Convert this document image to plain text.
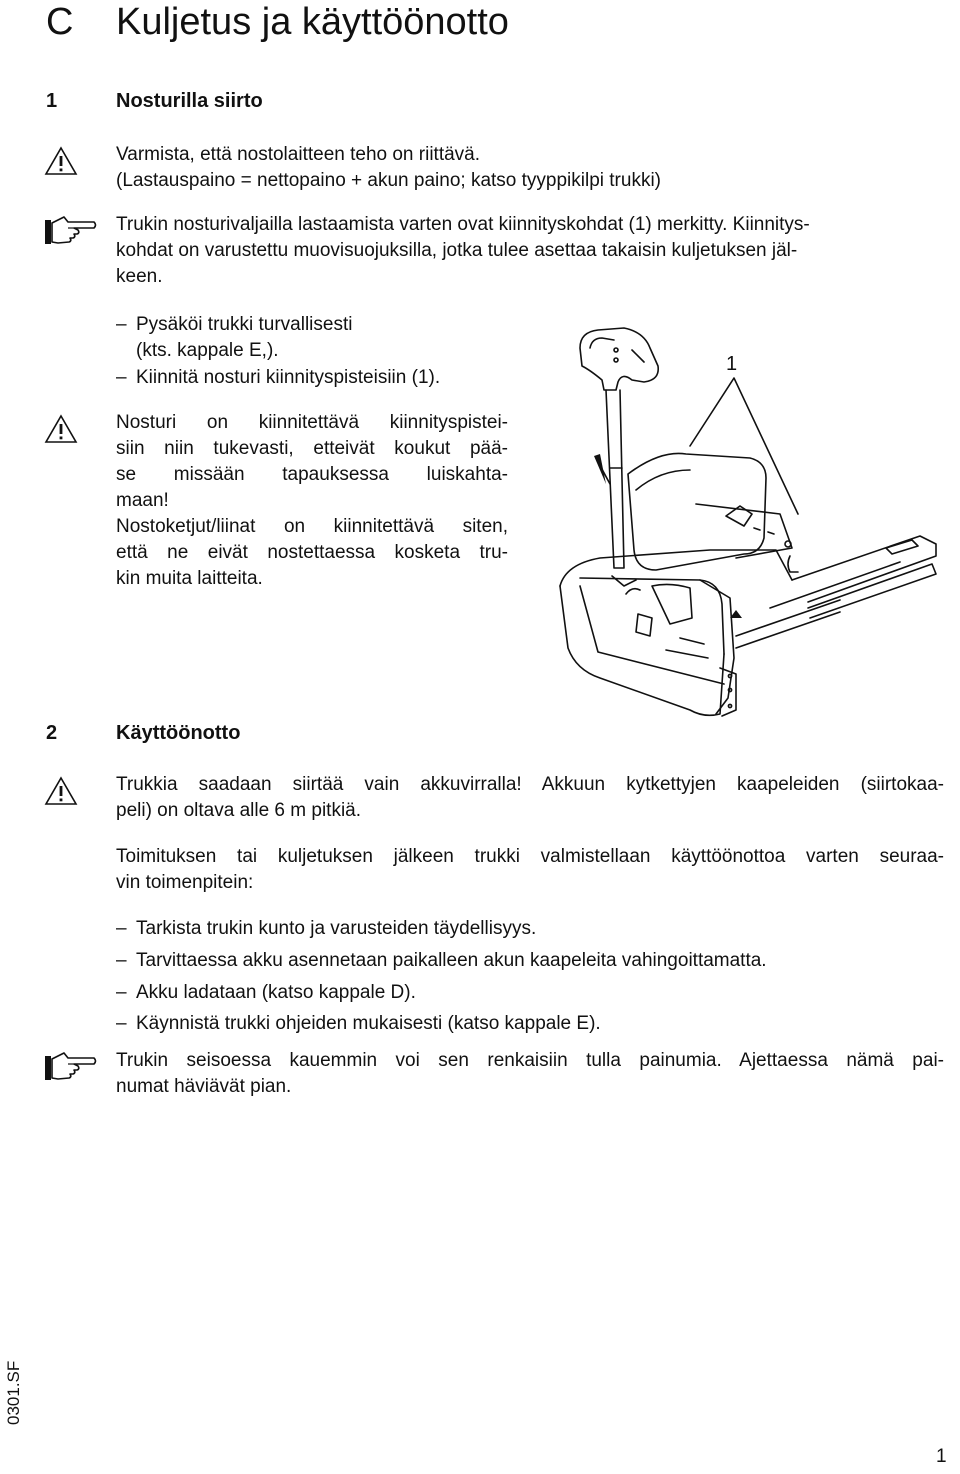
C Kuljetus ja käyttöönotto
1	Nosturilla siirto
Varmista, että nostolaitteen teho on riittävä.
(Lastauspaino = nettopaino + akun paino; katso tyyppikilpi trukki)
Trukin nosturivaljailla lastaamista varten ovat kiinnityskohdat (1) merkitty. Kiinnitys-
kohdat on varustettu muovisuojuksilla, jotka tulee asettaa takaisin kuljetuksen jäl-
keen.
– Pysäköi trukki turvallisesti
(kts. kappale E,).
– Kiinnitä nosturi kiinnityspisteisiin (1).
Nosturi on kiinnitettävä kiinnityspistei-
siin niin tukevasti, etteivät koukut pää-
se missään tapauksessa luiskahta-
maan!
Nostoketjut/liinat on kiinnitettävä siten,
että ne eivät nostettaessa kosketa tru-
kin muita laitteita.
1
2	Käyttöönotto
Trukkia saadaan siirtää vain akkuvirralla! Akkuun kytkettyjen kaapeleiden (siirtokaa-
peli) on oltava alle 6 m pitkiä.
Toimituksen tai kuljetuksen jälkeen trukki valmistellaan käyttöönottoa varten seuraa-
vin toimenpitein:
– Tarkista trukin kunto ja varusteiden täydellisyys.
– Tarvittaessa akku asennetaan paikalleen akun kaapeleita vahingoittamatta.
– Akku ladataan (katso kappale D).
– Käynnistä trukki ohjeiden mukaisesti (katso kappale E).
Trukin seisoessa kauemmin voi sen renkaisiin tulla painumia. Ajettaessa nämä pai-
numat häviävät pian.
0301.SF
1
